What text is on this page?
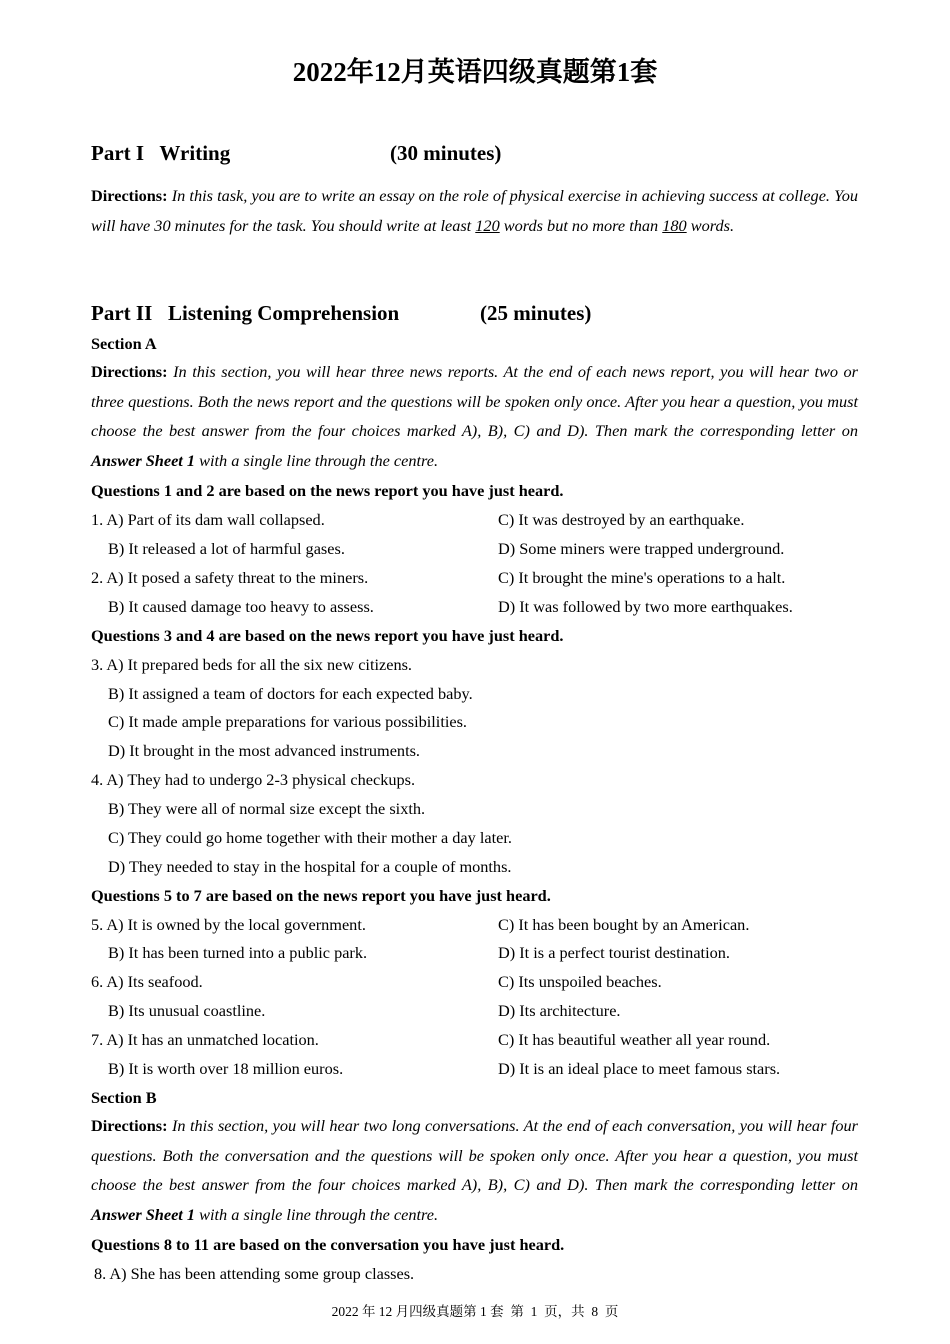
2022年12月英语四级真题第1套
Part I   Writing	(30 minutes)
Directions: In this task, you are to write an essay on the role of physical exercise in achieving success at college. You will have 30 minutes for the task. You should write at least 120 words but no more than 180 words.
Part II   Listening Comprehension	(25 minutes)
Section A
Directions: In this section, you will hear three news reports. At the end of each news report, you will hear two or three questions. Both the news report and the questions will be spoken only once. After you hear a question, you must choose the best answer from the four choices marked A), B), C) and D). Then mark the corresponding letter on Answer Sheet 1 with a single line through the centre.
Questions 1 and 2 are based on the news report you have just heard.
1. A) Part of its dam wall collapsed.	C) It was destroyed by an earthquake.
B) It released a lot of harmful gases.	D) Some miners were trapped underground.
2. A) It posed a safety threat to the miners.	C) It brought the mine's operations to a halt.
B) It caused damage too heavy to assess.	D) It was followed by two more earthquakes.
Questions 3 and 4 are based on the news report you have just heard.
3. A) It prepared beds for all the six new citizens.
B) It assigned a team of doctors for each expected baby.
C) It made ample preparations for various possibilities.
D) It brought in the most advanced instruments.
4. A) They had to undergo 2-3 physical checkups.
B) They were all of normal size except the sixth.
C) They could go home together with their mother a day later.
D) They needed to stay in the hospital for a couple of months.
Questions 5 to 7 are based on the news report you have just heard.
5. A) It is owned by the local government.	C) It has been bought by an American.
B) It has been turned into a public park.	D) It is a perfect tourist destination.
6. A) Its seafood.	C) Its unspoiled beaches.
B) Its unusual coastline.	D) Its architecture.
7. A) It has an unmatched location.	C) It has beautiful weather all year round.
B) It is worth over 18 million euros.	D) It is an ideal place to meet famous stars.
Section B
Directions: In this section, you will hear two long conversations. At the end of each conversation, you will hear four questions. Both the conversation and the questions will be spoken only once. After you hear a question, you must choose the best answer from the four choices marked A), B), C) and D). Then mark the corresponding letter on Answer Sheet 1 with a single line through the centre.
Questions 8 to 11 are based on the conversation you have just heard.
8. A) She has been attending some group classes.
2022 年 12 月四级真题第 1 套  第  1  页，共  8  页
